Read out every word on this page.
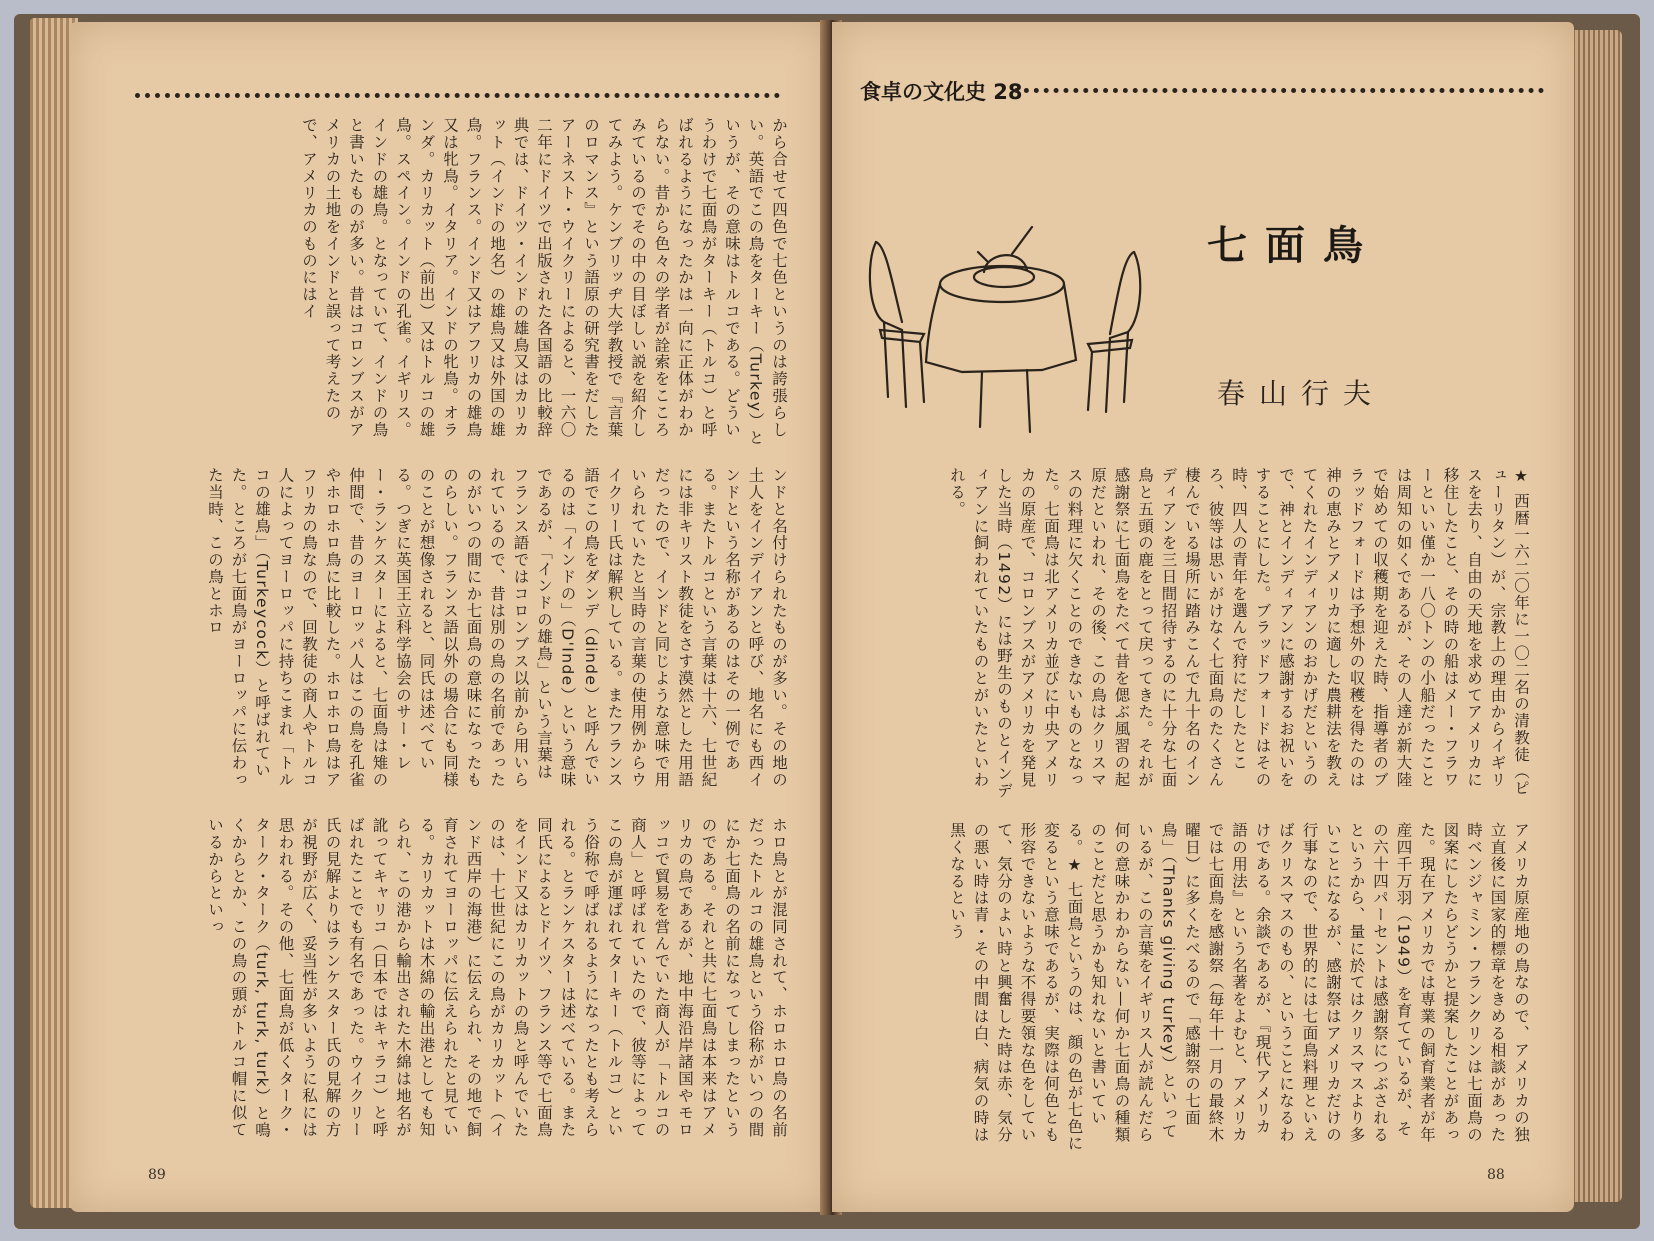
から合せて四色で七色というのは誇張らしい。英語でこの鳥をターキー（Turkey）というが、その意味はトルコである。どういうわけで七面鳥がターキー（トルコ）と呼ばれるようになったかは一向に正体がわからない。昔から色々の学者が詮索をこころみているのでその中の目ぼしい説を紹介してみよう。ケンブリッヂ大学教授で『言葉のロマンス』という語原の研究書をだしたアーネスト・ウイクリーによると、一六〇二年にドイツで出版された各国語の比較辞典では、ドイツ・インドの雄鳥又はカリカット（インドの地名）の雄鳥又は外国の雄鳥。フランス。インド又はアフリカの雄鳥又は牝鳥。イタリア。インドの牝鳥。オランダ。カリカット（前出）又はトルコの雄鳥。スペイン。インドの孔雀。イギリス。インドの雄鳥。となっていて、インドの鳥と書いたものが多い。昔はコロンブスがアメリカの土地をインドと誤って考えたので、アメリカのものにはイ
ンドと名付けられたものが多い。その地の土人をインデイアンと呼び、地名にも西インドという名称があるのはその一例である。またトルコという言葉は十六、七世紀には非キリスト教徒をさす漠然とした用語だったので、インドと同じような意味で用いられていたと当時の言葉の使用例からウイクリー氏は解釈している。またフランス語でこの鳥をダンデ（dinde）と呼んでいるのは「インドの」（D'Inde）という意味であるが、「インドの雄鳥」という言葉はフランス語ではコロンブス以前から用いられているので、昔は別の鳥の名前であったのがいつの間にか七面鳥の意味になったものらしい。フランス語以外の場合にも同様のことが想像されると、同氏は述べている。つぎに英国王立科学協会のサー・レー・ランケスターによると、七面鳥は雉の仲間で、昔のヨーロッパ人はこの鳥を孔雀やホロホロ鳥に比較した。ホロホロ鳥はアフリカの鳥なので、回教徒の商人やトルコ人によってヨーロッパに持ちこまれ「トルコの雄鳥」（Turkeycock）と呼ばれていた。ところが七面鳥がヨーロッパに伝わった当時、この鳥とホロ
ホロ鳥とが混同されて、ホロホロ鳥の名前だったトルコの雄鳥という俗称がいつの間にか七面鳥の名前になってしまったというのである。それと共に七面鳥は本来はアメリカの鳥であるが、地中海沿岸諸国やモロッコで貿易を営んでいた商人が「トルコの商人」と呼ばれていたので、彼等によってこの鳥が運ばれてターキー（トルコ）という俗称で呼ばれるようになったとも考えられる。とランケスターは述べている。また同氏によるとドイツ、フランス等で七面鳥をインド又はカリカットの鳥と呼んでいたのは、十七世紀にこの鳥がカリカット（インド西岸の海港）に伝えられ、その地で飼育されてヨーロッパに伝えられたと見ている。カリカットは木綿の輸出港としても知られ、この港から輸出された木綿は地名が訛ってキャリコ（日本ではキャラコ）と呼ばれたことでも有名であった。ウイクリー氏の見解よりはランケスター氏の見解の方が視野が広く、妥当性が多いように私には思われる。その他、七面鳥が低くターク・ターク・ターク（turk, turk, turk）と鳴くからとか、この鳥の頭がトルコ帽に似ているからといっ
89
食卓の文化史 28
七面鳥
春山行夫
★ 西暦一六二〇年に一〇二名の清教徒（ピューリタン）が、宗教上の理由からイギリスを去り、自由の天地を求めてアメリカに移住したこと、その時の船はメー・フラワーといい僅か一八〇トンの小船だったことは周知の如くであるが、その人達が新大陸で始めての収穫期を迎えた時、指導者のブラッドフォードは予想外の収穫を得たのは神の恵みとアメリカに適した農耕法を教えてくれたインディアンのおかげだというので、神とインディアンに感謝するお祝いをすることにした。ブラッドフォードはその時、四人の青年を選んで狩にだしたところ、彼等は思いがけなく七面鳥のたくさん棲んでいる場所に踏みこんで九十名のインディアンを三日間招待するのに十分な七面鳥と五頭の鹿をとって戻ってきた。それが感謝祭に七面鳥をたべて昔を偲ぶ風習の起原だといわれ、その後、この鳥はクリスマスの料理に欠くことのできないものとなった。七面鳥は北アメリカ並びに中央アメリカの原産で、コロンブスがアメリカを発見した当時（1492）には野生のものとインディアンに飼われていたものとがいたといわれる。
アメリカ原産地の鳥なので、アメリカの独立直後に国家的標章をきめる相談があった時ベンジャミン・フランクリンは七面鳥の図案にしたらどうかと提案したことがあった。現在アメリカでは専業の飼育業者が年産四千万羽（1949）を育てているが、その六十四パーセントは感謝祭につぶされるというから、量に於てはクリスマスより多いことになるが、感謝祭はアメリカだけの行事なので、世界的には七面鳥料理といえばクリスマスのもの、ということになるわけである。余談であるが、『現代アメリカ語の用法』という名著をよむと、アメリカでは七面鳥を感謝祭（毎年十一月の最終木曜日）に多くたべるので「感謝祭の七面鳥」（Thanks giving turkey）といっているが、この言葉をイギリス人が読んだら何の意味かわからない—何か七面鳥の種類のことだと思うかも知れないと書いている。★ 七面鳥というのは、顔の色が七色に変るという意味であるが、実際は何色とも形容できないような不得要領な色をしていて、気分のよい時と興奮した時は赤、気分の悪い時は青・その中間は白、病気の時は黒くなるという
88
